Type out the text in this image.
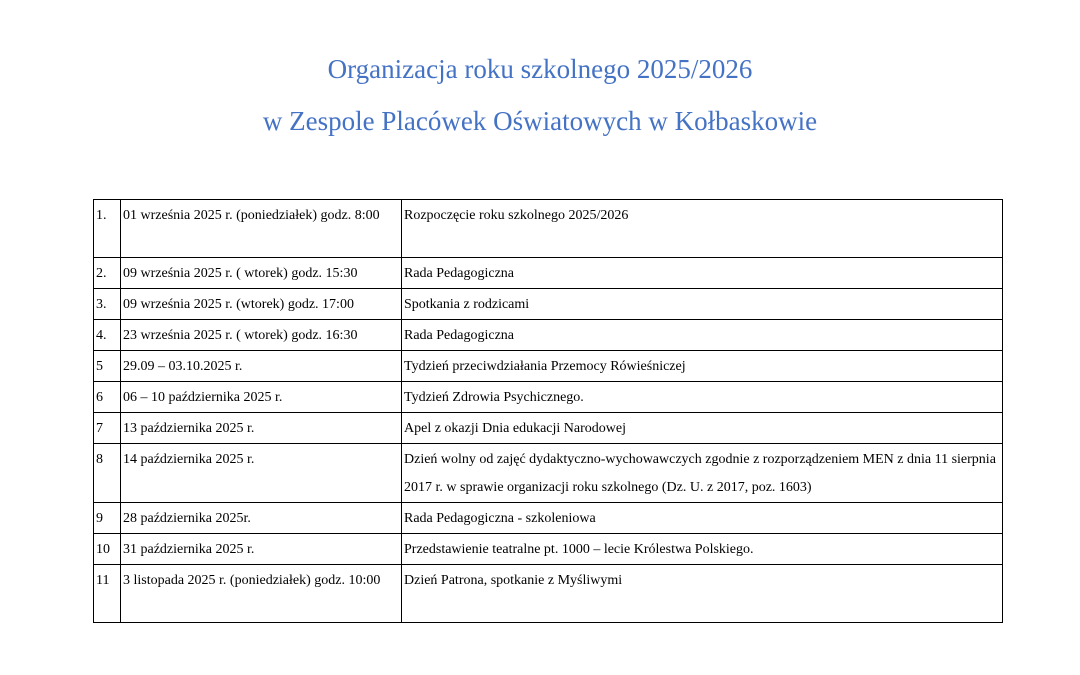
Organizacja roku szkolnego 2025/2026
w Zespole Placówek Oświatowych w Kołbaskowie
1.	01 września 2025 r. (poniedziałek) godz. 8:00	Rozpoczęcie roku szkolnego 2025/2026
2.	09 września 2025 r. ( wtorek) godz. 15:30	Rada Pedagogiczna
3.	09 września 2025 r. (wtorek) godz. 17:00	Spotkania z rodzicami
4.	23 września 2025 r. ( wtorek) godz. 16:30	Rada Pedagogiczna
5	29.09 – 03.10.2025 r.	Tydzień przeciwdziałania Przemocy Rówieśniczej
6	06 – 10 października 2025 r.	Tydzień Zdrowia Psychicznego.
7	13 października 2025 r.	Apel z okazji Dnia edukacji Narodowej
8	14 października 2025 r.	Dzień wolny od zajęć dydaktyczno-wychowawczych zgodnie z rozporządzeniem MEN z dnia 11 sierpnia 2017 r. w sprawie organizacji roku szkolnego (Dz. U. z 2017, poz. 1603)
9	28 października 2025r.	Rada Pedagogiczna - szkoleniowa
10	31 października 2025 r.	Przedstawienie teatralne pt. 1000 – lecie Królestwa Polskiego.
11	3 listopada 2025 r. (poniedziałek) godz. 10:00	Dzień Patrona, spotkanie z Myśliwymi
